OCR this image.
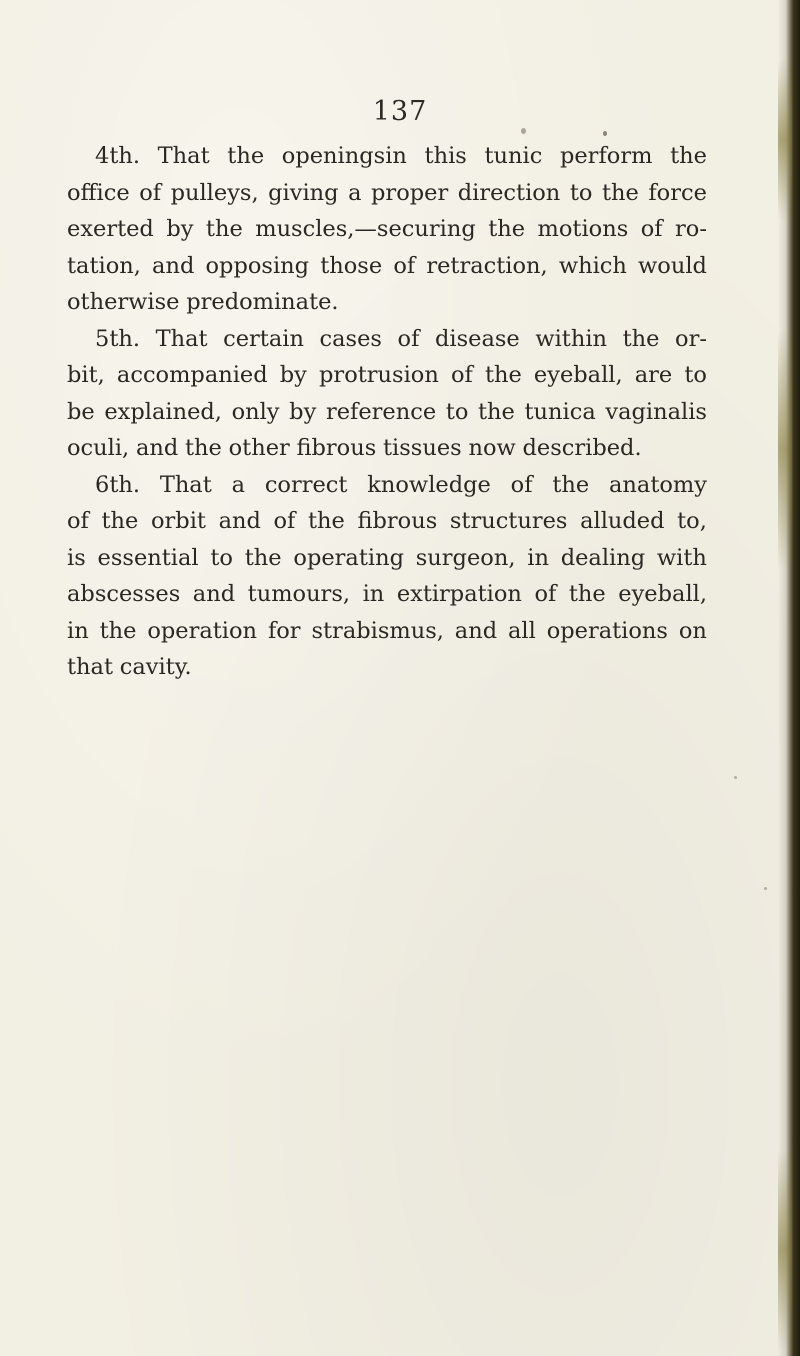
137
4th. That the openingsin this tunic perform the
office of pulleys, giving a proper direction to the force
exerted by the muscles,—securing the motions of ro-
tation, and opposing those of retraction, which would
otherwise predominate.
5th. That certain cases of disease within the or-
bit, accompanied by protrusion of the eyeball, are to
be explained, only by reference to the tunica vaginalis
oculi, and the other fibrous tissues now described.
6th. That a correct knowledge of the anatomy
of the orbit and of the fibrous structures alluded to,
is essential to the operating surgeon, in dealing with
abscesses and tumours, in extirpation of the eyeball,
in the operation for strabismus, and all operations on
that cavity.
